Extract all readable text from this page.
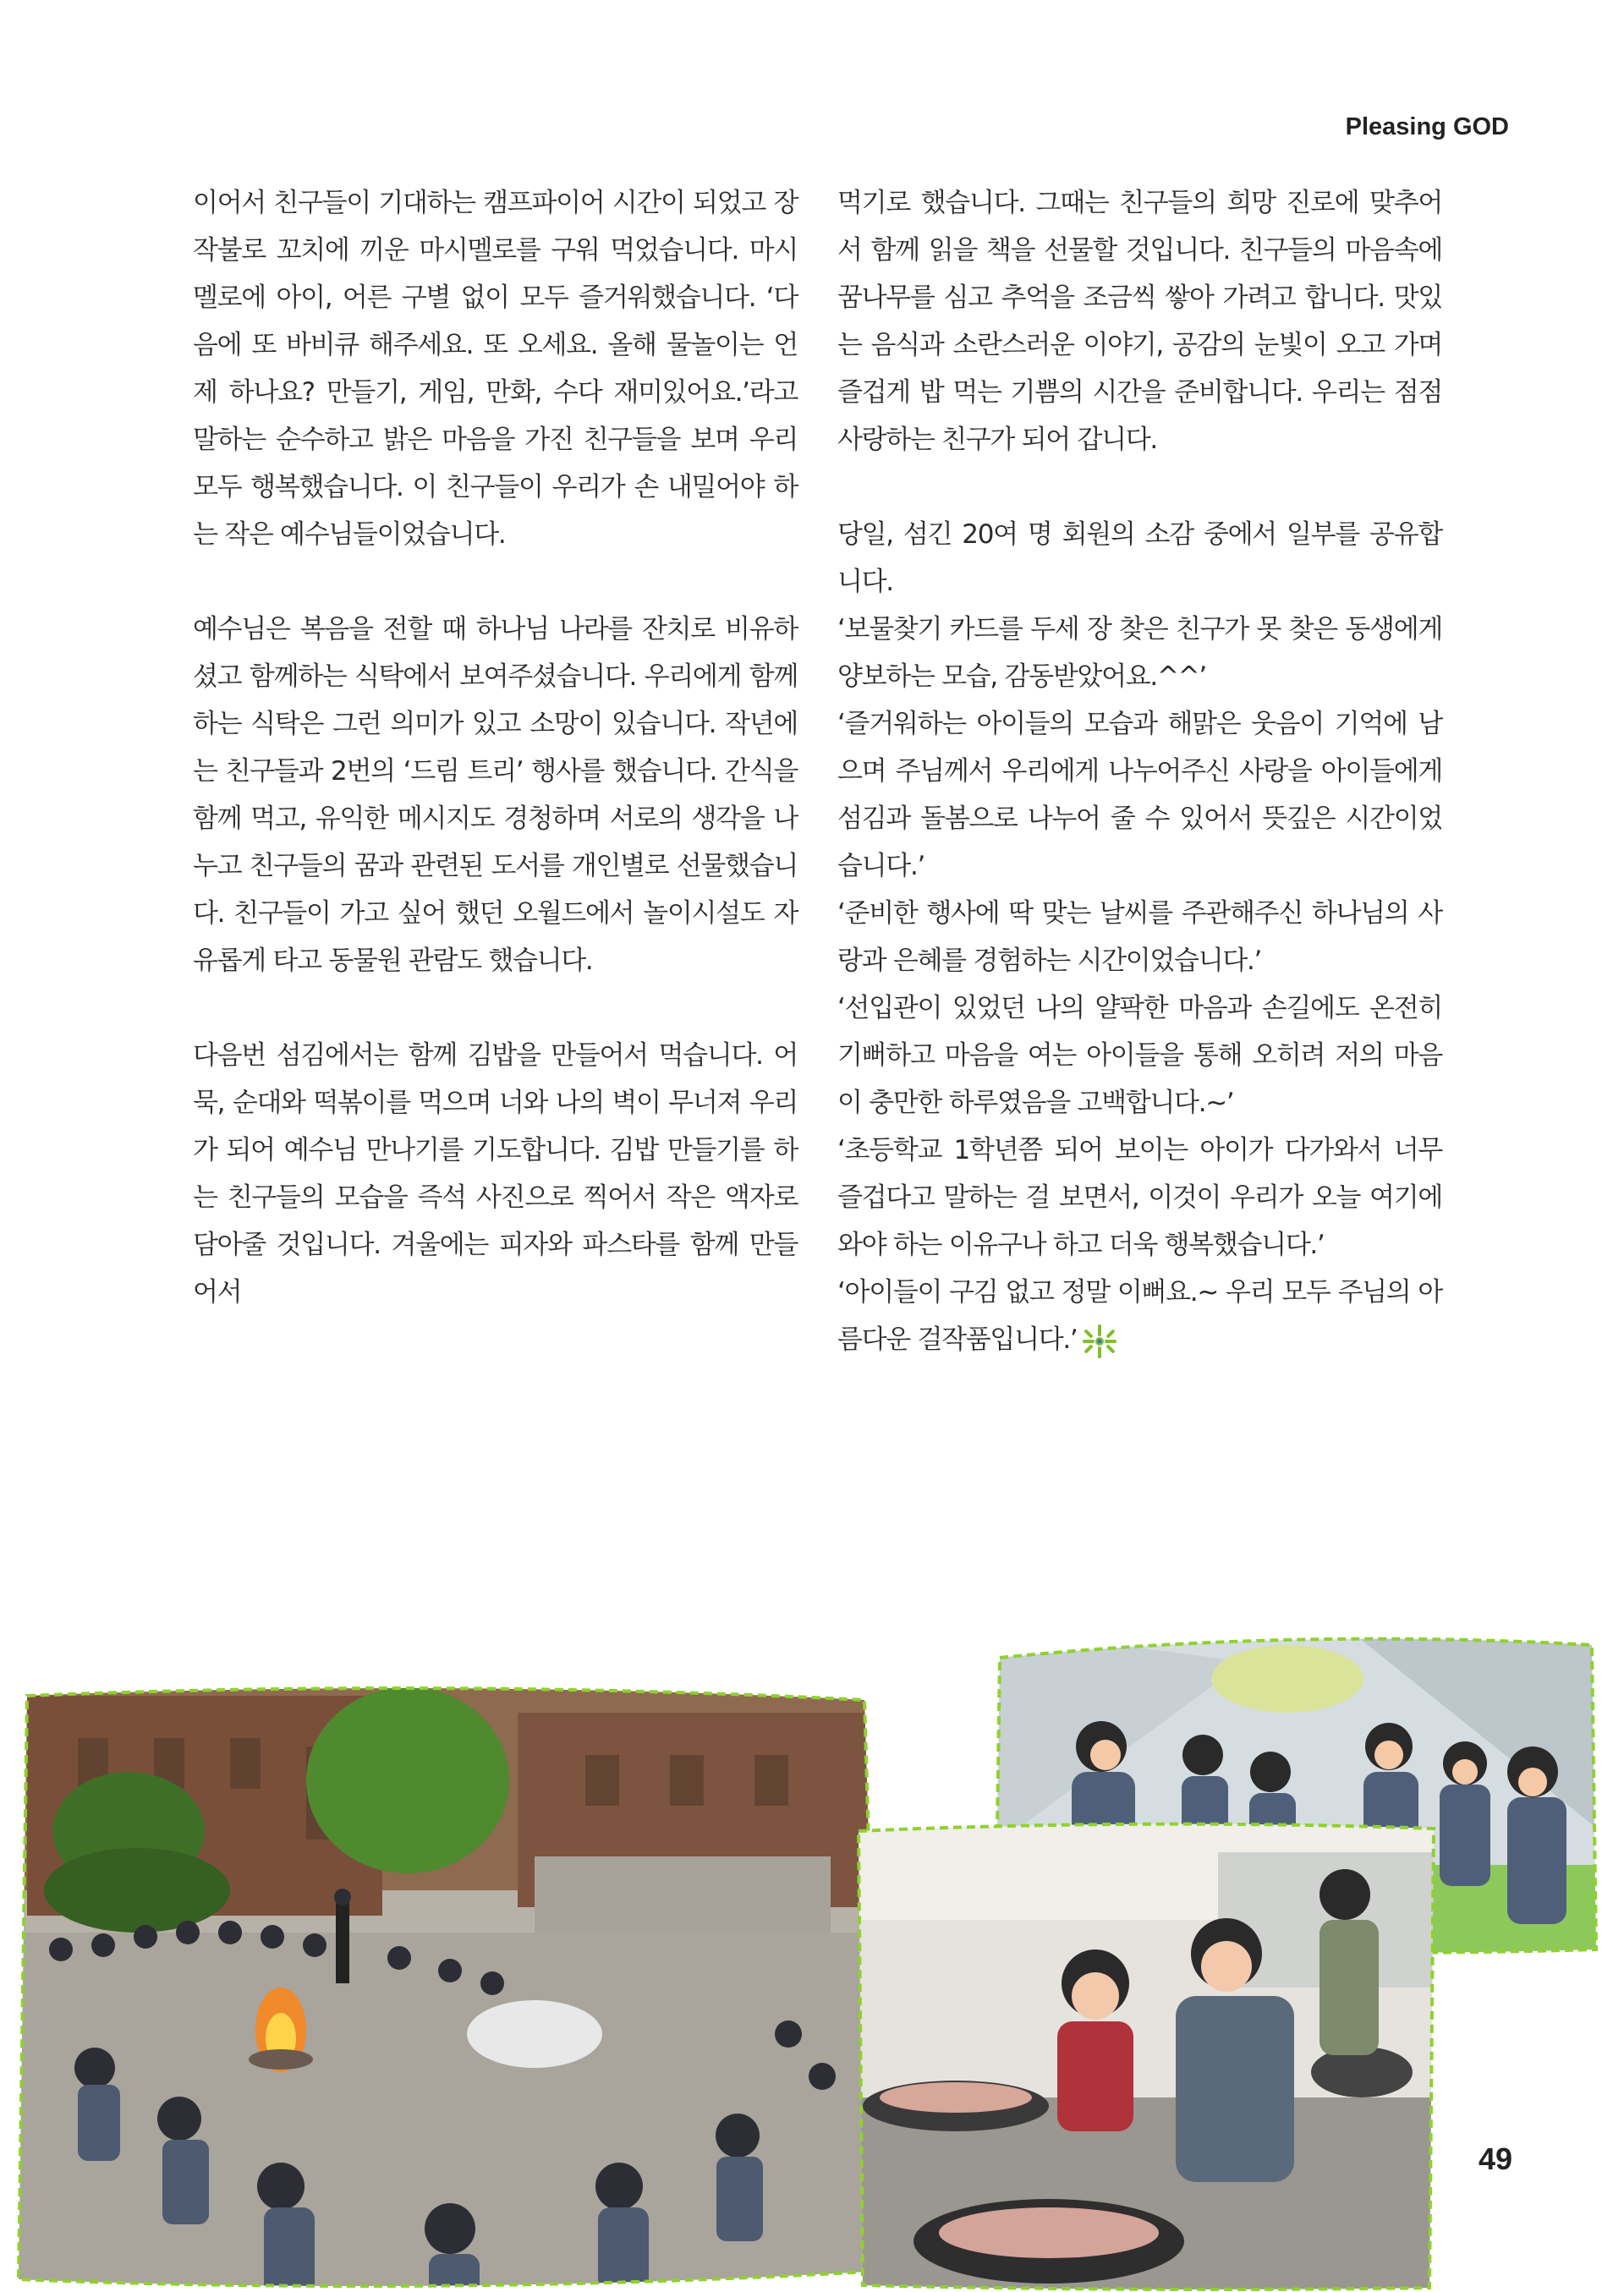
Pleasing GOD

이어서 친구들이 기대하는 캠프파이어 시간이 되었고 장작불로 꼬치에 끼운 마시멜로를 구워 먹었습니다. 마시멜로에 아이, 어른 구별 없이 모두 즐거워했습니다. ‘다음에 또 바비큐 해주세요. 또 오세요. 올해 물놀이는 언제 하나요? 만들기, 게임, 만화, 수다 재미있어요.’라고 말하는 순수하고 밝은 마음을 가진 친구들을 보며 우리 모두 행복했습니다. 이 친구들이 우리가 손 내밀어야 하는 작은 예수님들이었습니다.

예수님은 복음을 전할 때 하나님 나라를 잔치로 비유하셨고 함께하는 식탁에서 보여주셨습니다. 우리에게 함께하는 식탁은 그런 의미가 있고 소망이 있습니다. 작년에는 친구들과 2번의 ‘드림 트리’ 행사를 했습니다. 간식을 함께 먹고, 유익한 메시지도 경청하며 서로의 생각을 나누고 친구들의 꿈과 관련된 도서를 개인별로 선물했습니다. 친구들이 가고 싶어 했던 오월드에서 놀이시설도 자유롭게 타고 동물원 관람도 했습니다.

다음번 섬김에서는 함께 김밥을 만들어서 먹습니다. 어묵, 순대와 떡볶이를 먹으며 너와 나의 벽이 무너져 우리가 되어 예수님 만나기를 기도합니다. 김밥 만들기를 하는 친구들의 모습을 즉석 사진으로 찍어서 작은 액자로 담아줄 것입니다. 겨울에는 피자와 파스타를 함께 만들어서

먹기로 했습니다. 그때는 친구들의 희망 진로에 맞추어서 함께 읽을 책을 선물할 것입니다. 친구들의 마음속에 꿈나무를 심고 추억을 조금씩 쌓아 가려고 합니다. 맛있는 음식과 소란스러운 이야기, 공감의 눈빛이 오고 가며 즐겁게 밥 먹는 기쁨의 시간을 준비합니다. 우리는 점점 사랑하는 친구가 되어 갑니다.

당일, 섬긴 20여 명 회원의 소감 중에서 일부를 공유합니다.

‘보물찾기 카드를 두세 장 찾은 친구가 못 찾은 동생에게 양보하는 모습, 감동받았어요.^^’

‘즐거워하는 아이들의 모습과 해맑은 웃음이 기억에 남으며 주님께서 우리에게 나누어주신 사랑을 아이들에게 섬김과 돌봄으로 나누어 줄 수 있어서 뜻깊은 시간이었습니다.’

‘준비한 행사에 딱 맞는 날씨를 주관해주신 하나님의 사랑과 은혜를 경험하는 시간이었습니다.’

‘선입관이 있었던 나의 얄팍한 마음과 손길에도 온전히 기뻐하고 마음을 여는 아이들을 통해 오히려 저의 마음이 충만한 하루였음을 고백합니다.~’

‘초등학교 1학년쯤 되어 보이는 아이가 다가와서 너무 즐겁다고 말하는 걸 보면서, 이것이 우리가 오늘 여기에 와야 하는 이유구나 하고 더욱 행복했습니다.’

‘아이들이 구김 없고 정말 이뻐요.~ 우리 모두 주님의 아름다운 걸작품입니다.’

49
